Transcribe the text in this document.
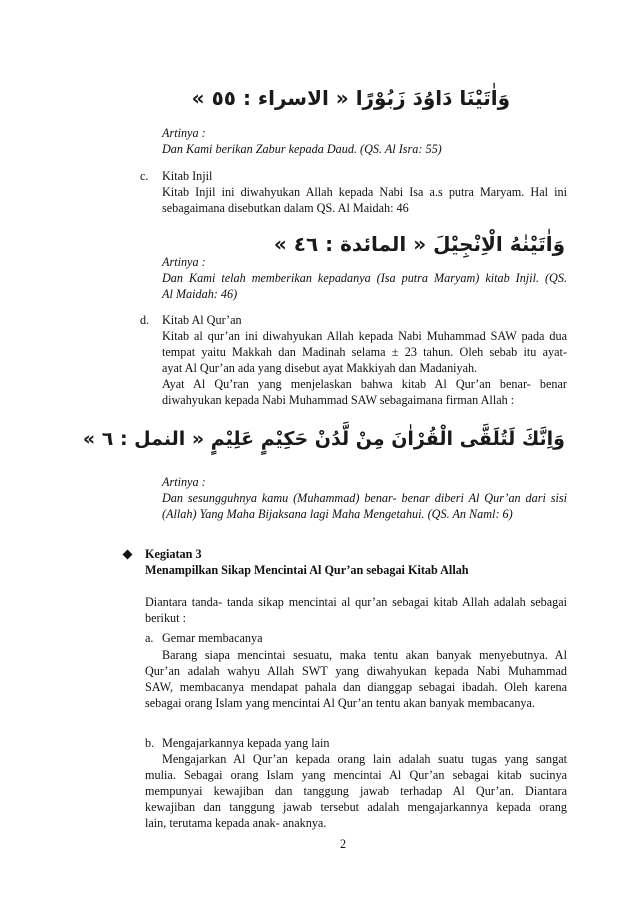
وَاٰتَيْنَا دَاوُدَ زَبُوْرًا « الاسراء : ٥٥ »
Artinya :
Dan Kami berikan Zabur kepada Daud. (QS. Al Isra: 55)
c. Kitab Injil
Kitab Injil ini diwahyukan Allah kepada Nabi Isa a.s putra Maryam. Hal ini
sebagaimana disebutkan dalam QS. Al Maidah: 46
وَاٰتَيْنٰهُ الْاِنْجِيْلَ « المائدة : ٤٦ »
Artinya :
Dan Kami telah memberikan kepadanya (Isa putra Maryam) kitab Injil. (QS.
Al Maidah: 46)
d. Kitab Al Qur’an
Kitab al qur’an ini diwahyukan Allah kepada Nabi Muhammad SAW pada dua
tempat yaitu Makkah dan Madinah selama ± 23 tahun. Oleh sebab itu ayat-
ayat Al Qur’an ada yang disebut ayat Makkiyah dan Madaniyah.
Ayat Al Qu’ran yang menjelaskan bahwa kitab Al Qur’an benar- benar
diwahyukan kepada Nabi Muhammad SAW sebagaimana firman Allah :
وَاِنَّكَ لَتُلَقَّى الْقُرْاٰنَ مِنْ لَّدُنْ حَكِيْمٍ عَلِيْمٍ « النمل : ٦ »
Artinya :
Dan sesungguhnya kamu (Muhammad) benar- benar diberi Al Qur’an dari sisi
(Allah) Yang Maha Bijaksana lagi Maha Mengetahui. (QS. An Naml: 6)
Kegiatan 3
Menampilkan Sikap Mencintai Al Qur’an sebagai Kitab Allah
Diantara tanda- tanda sikap mencintai al qur’an sebagai kitab Allah adalah sebagai
berikut :
a. Gemar membacanya
Barang siapa mencintai sesuatu, maka tentu akan banyak menyebutnya. Al
Qur’an adalah wahyu Allah SWT yang diwahyukan kepada Nabi Muhammad
SAW, membacanya mendapat pahala dan dianggap sebagai ibadah. Oleh karena
sebagai orang Islam yang mencintai Al Qur’an tentu akan banyak membacanya.
b. Mengajarkannya kepada yang lain
Mengajarkan Al Qur’an kepada orang lain adalah suatu tugas yang sangat
mulia. Sebagai orang Islam yang mencintai Al Qur’an sebagai kitab sucinya
mempunyai kewajiban dan tanggung jawab terhadap Al Qur’an. Diantara
kewajiban dan tanggung jawab tersebut adalah mengajarkannya kepada orang
lain, terutama kepada anak- anaknya.
2
